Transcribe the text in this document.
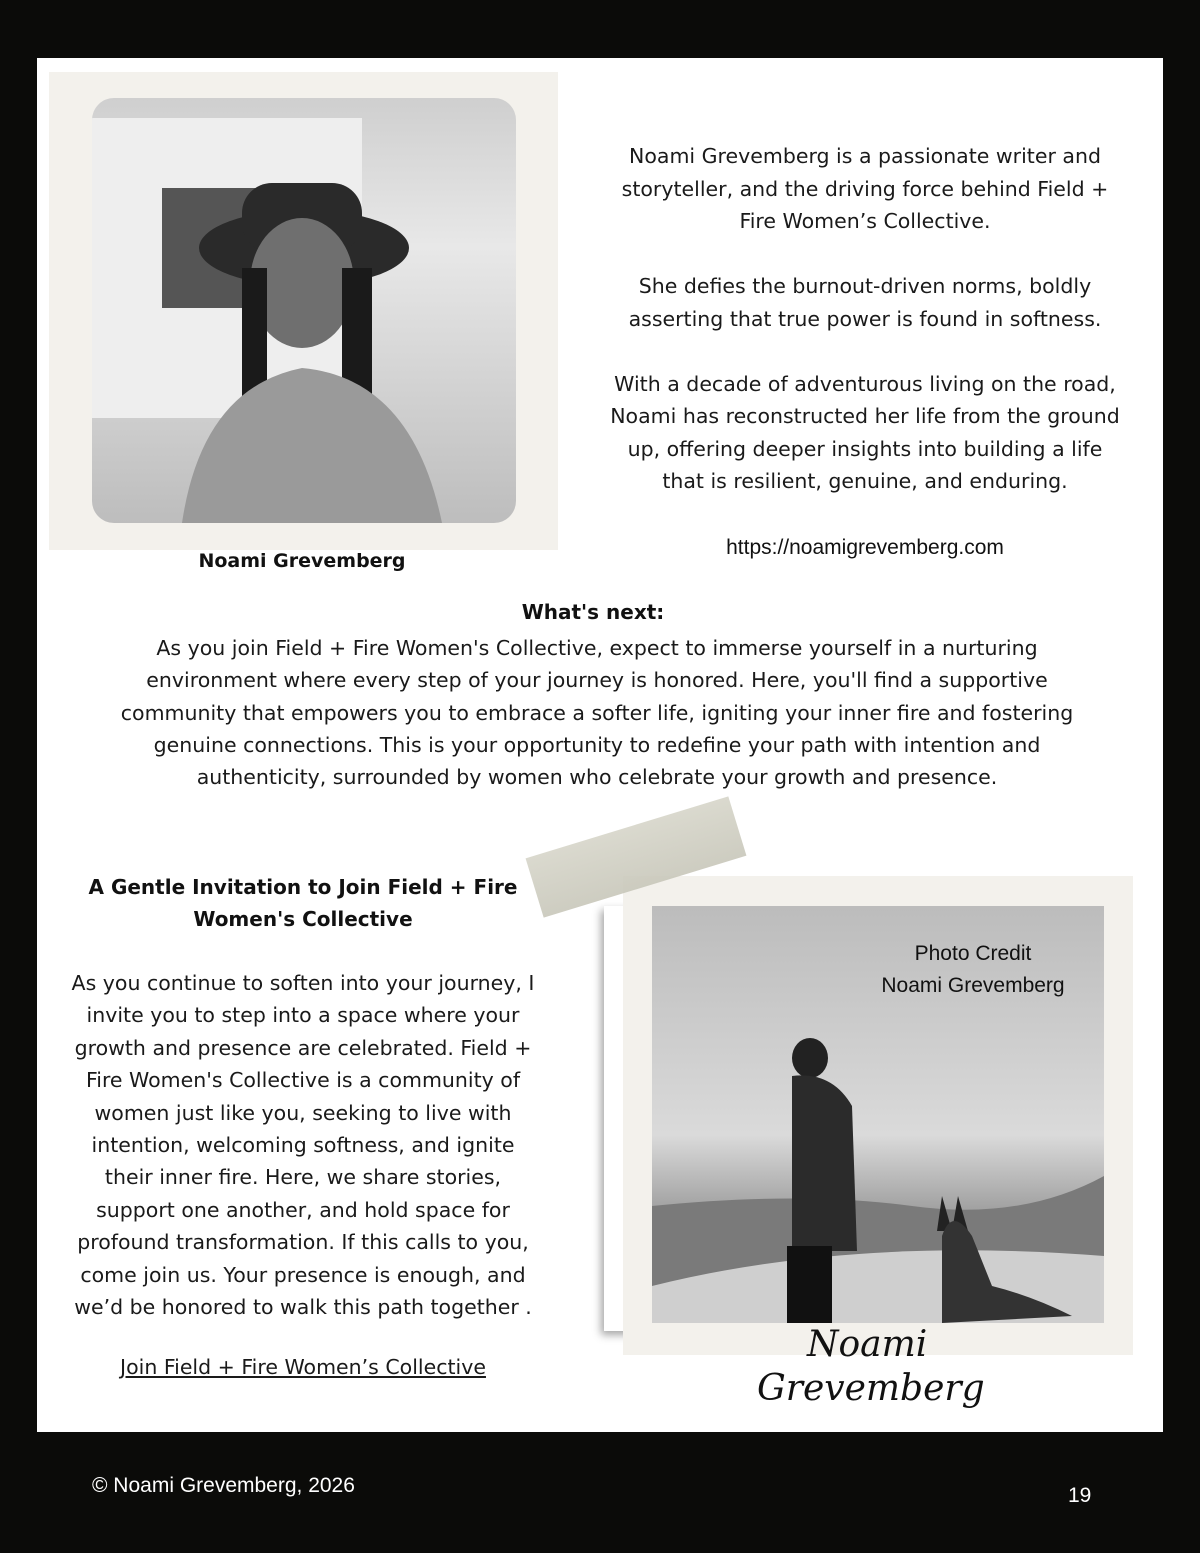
Noami Grevemberg

Noami Grevemberg is a passionate writer and storyteller, and the driving force behind Field + Fire Women’s Collective.

She defies the burnout-driven norms, boldly asserting that true power is found in softness.

With a decade of adventurous living on the road, Noami has reconstructed her life from the ground up, offering deeper insights into building a life that is resilient, genuine, and enduring.

https://noamigrevemberg.com
What's next:
As you join Field + Fire Women's Collective, expect to immerse yourself in a nurturing environment where every step of your journey is honored. Here, you'll find a supportive community that empowers you to embrace a softer life, igniting your inner fire and fostering genuine connections. This is your opportunity to redefine your path with intention and authenticity, surrounded by women who celebrate your growth and presence.
A Gentle Invitation to Join Field + Fire Women's Collective
As you continue to soften into your journey, I invite you to step into a space where your growth and presence are celebrated. Field + Fire Women's Collective is a community of women just like you, seeking to live with intention, welcoming softness, and ignite their inner fire. Here, we share stories, support one another, and hold space for profound transformation. If this calls to you, come join us. Your presence is enough, and we’d be honored to walk this path together .
Join Field + Fire Women’s Collective
Photo Credit
Noami Grevemberg
Noami
Grevemberg
© Noami Grevemberg, 2026	19
